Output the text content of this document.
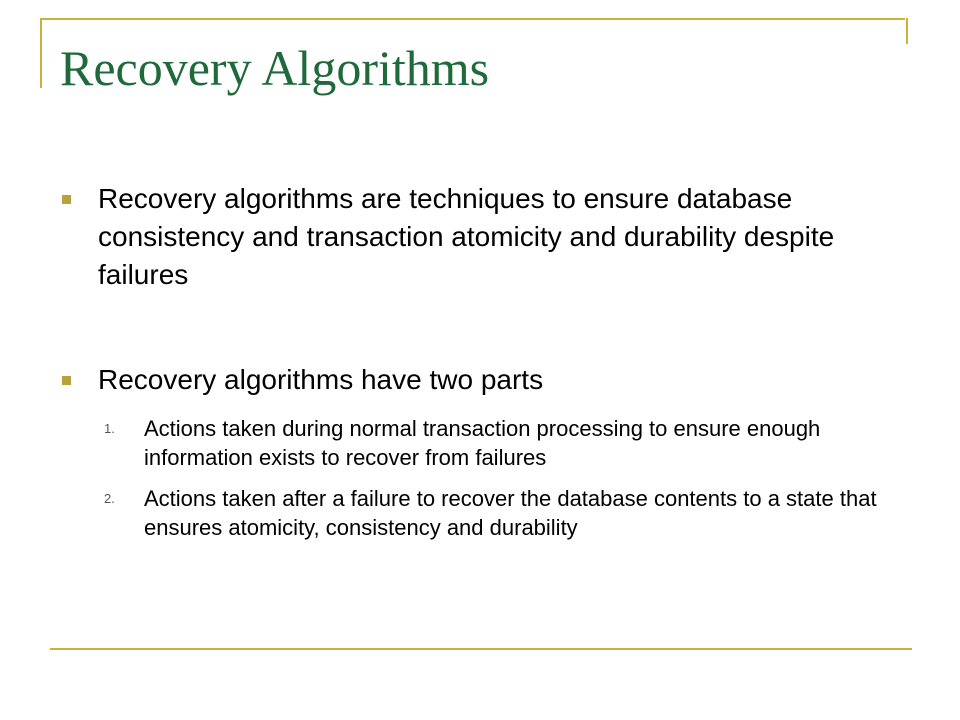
Recovery Algorithms

Recovery algorithms are techniques to ensure database consistency and transaction atomicity and durability despite failures

Recovery algorithms have two parts

1. Actions taken during normal transaction processing to ensure enough information exists to recover from failures

2. Actions taken after a failure to recover the database contents to a state that ensures atomicity, consistency and durability
